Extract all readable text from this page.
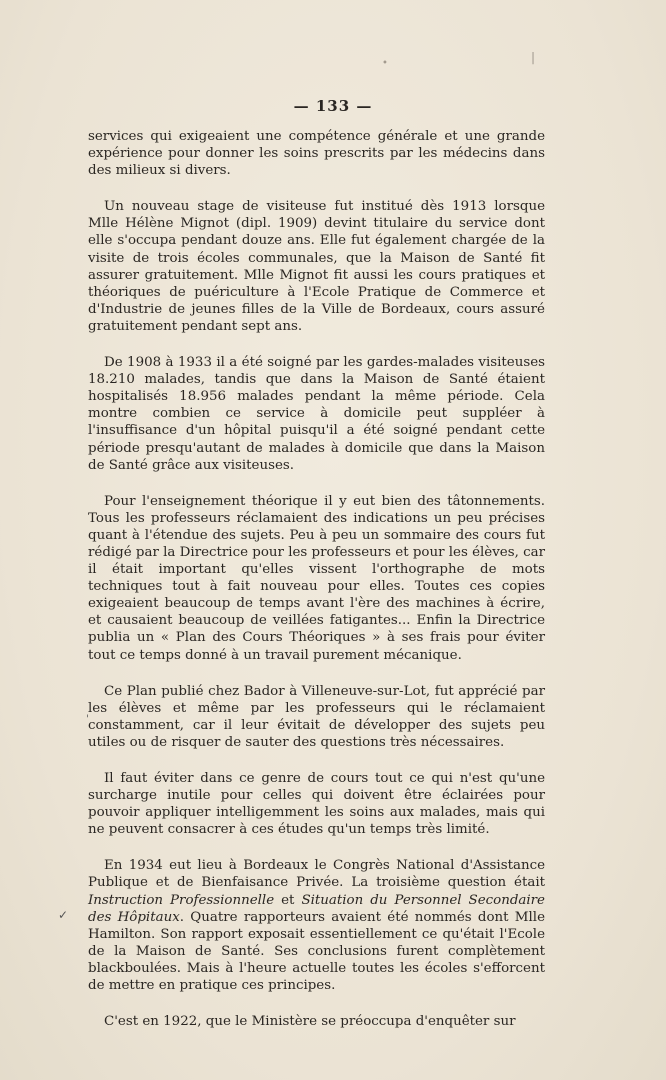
|
•
— 133 —

services qui exigeaient une compétence générale et une grande expérience pour donner les soins prescrits par les médecins dans des milieux si divers.

Un nouveau stage de visiteuse fut institué dès 1913 lorsque Mlle Hélène Mignot (dipl. 1909) devint titulaire du service dont elle s'occupa pendant douze ans. Elle fut également chargée de la visite de trois écoles communales, que la Maison de Santé fit assurer gratuitement. Mlle Mignot fit aussi les cours pratiques et théoriques de puériculture à l'Ecole Pratique de Commerce et d'Industrie de jeunes filles de la Ville de Bordeaux, cours assuré gratuitement pendant sept ans.

De 1908 à 1933 il a été soigné par les gardes-malades visiteuses 18.210 malades, tandis que dans la Maison de Santé étaient hospitalisés 18.956 malades pendant la même période. Cela montre combien ce service à domicile peut suppléer à l'insuffisance d'un hôpital puisqu'il a été soigné pendant cette période presqu'autant de malades à domicile que dans la Maison de Santé grâce aux visiteuses.

Pour l'enseignement théorique il y eut bien des tâtonnements. Tous les professeurs réclamaient des indications un peu précises quant à l'étendue des sujets. Peu à peu un sommaire des cours fut rédigé par la Directrice pour les professeurs et pour les élèves, car il était important qu'elles vissent l'orthographe de mots techniques tout à fait nouveau pour elles. Toutes ces copies exigeaient beaucoup de temps avant l'ère des machines à écrire, et causaient beaucoup de veillées fatigantes... Enfin la Directrice publia un « Plan des Cours Théoriques » à ses frais pour éviter tout ce temps donné à un travail purement mécanique.

Ce Plan publié chez Bador à Villeneuve-sur-Lot, fut apprécié par les élèves et même par les professeurs qui le réclamaient constamment, car il leur évitait de développer des sujets peu utiles ou de risquer de sauter des questions très nécessaires.

Il faut éviter dans ce genre de cours tout ce qui n'est qu'une surcharge inutile pour celles qui doivent être éclairées pour pouvoir appliquer intelligemment les soins aux malades, mais qui ne peuvent consacrer à ces études qu'un temps très limité.

En 1934 eut lieu à Bordeaux le Congrès National d'Assistance Publique et de Bienfaisance Privée. La troisième question était Instruction Professionnelle et Situation du Personnel Secondaire des Hôpitaux. Quatre rapporteurs avaient été nommés dont Mlle Hamilton. Son rapport exposait essentiellement ce qu'était l'Ecole de la Maison de Santé. Ses conclusions furent complètement blackboulées. Mais à l'heure actuelle toutes les écoles s'efforcent de mettre en pratique ces principes.

C'est en 1922, que le Ministère se préoccupa d'enquêter sur

'
✓
